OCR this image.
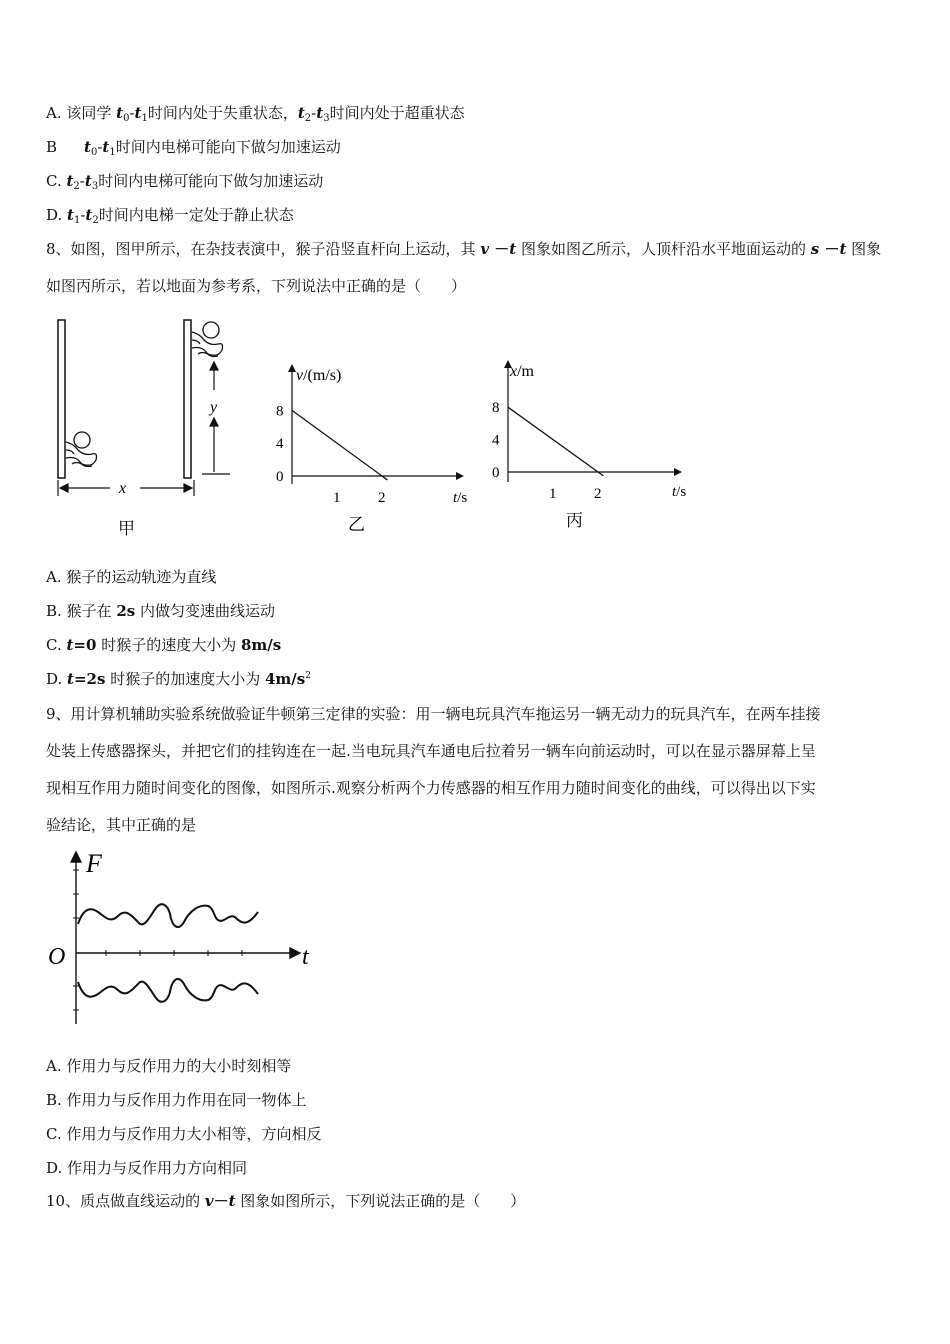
A. 该同学 $t_0-t_1$时间内处于失重状态，$t_2-t_3$时间内处于超重状态
B　$t_0-t_1$时间内电梯可能向下做匀加速运动
C. $t_2-t_3$时间内电梯可能向下做匀加速运动
D. $t_1-t_2$时间内电梯一定处于静止状态
8、如图，图甲所示，在杂技表演中，猴子沿竖直杆向上运动，其 v －t 图象如图乙所示，人顶杆沿水平地面运动的 s －t 图象
如图丙所示，若以地面为参考系，下列说法中正确的是（　　）
y
x
甲
v/(m/s)
t/s
0
4
8
1	2
乙
x/m
t/s
0
4
8
1	2
丙
A. 猴子的运动轨迹为直线
B. 猴子在 2s 内做匀变速曲线运动
C. t=0 时猴子的速度大小为 8m/s
D. t=2s 时猴子的加速度大小为 $4m/s^2$
9、用计算机辅助实验系统做验证牛顿第三定律的实验：用一辆电玩具汽车拖运另一辆无动力的玩具汽车，在两车挂接
处装上传感器探头，并把它们的挂钩连在一起.当电玩具汽车通电后拉着另一辆车向前运动时，可以在显示器屏幕上呈
现相互作用力随时间变化的图像，如图所示.观察分析两个力传感器的相互作用力随时间变化的曲线，可以得出以下实
验结论，其中正确的是
F
O	t
A. 作用力与反作用力的大小时刻相等
B. 作用力与反作用力作用在同一物体上
C. 作用力与反作用力大小相等，方向相反
D. 作用力与反作用力方向相同
10、质点做直线运动的 v－t 图象如图所示，下列说法正确的是（　　）
